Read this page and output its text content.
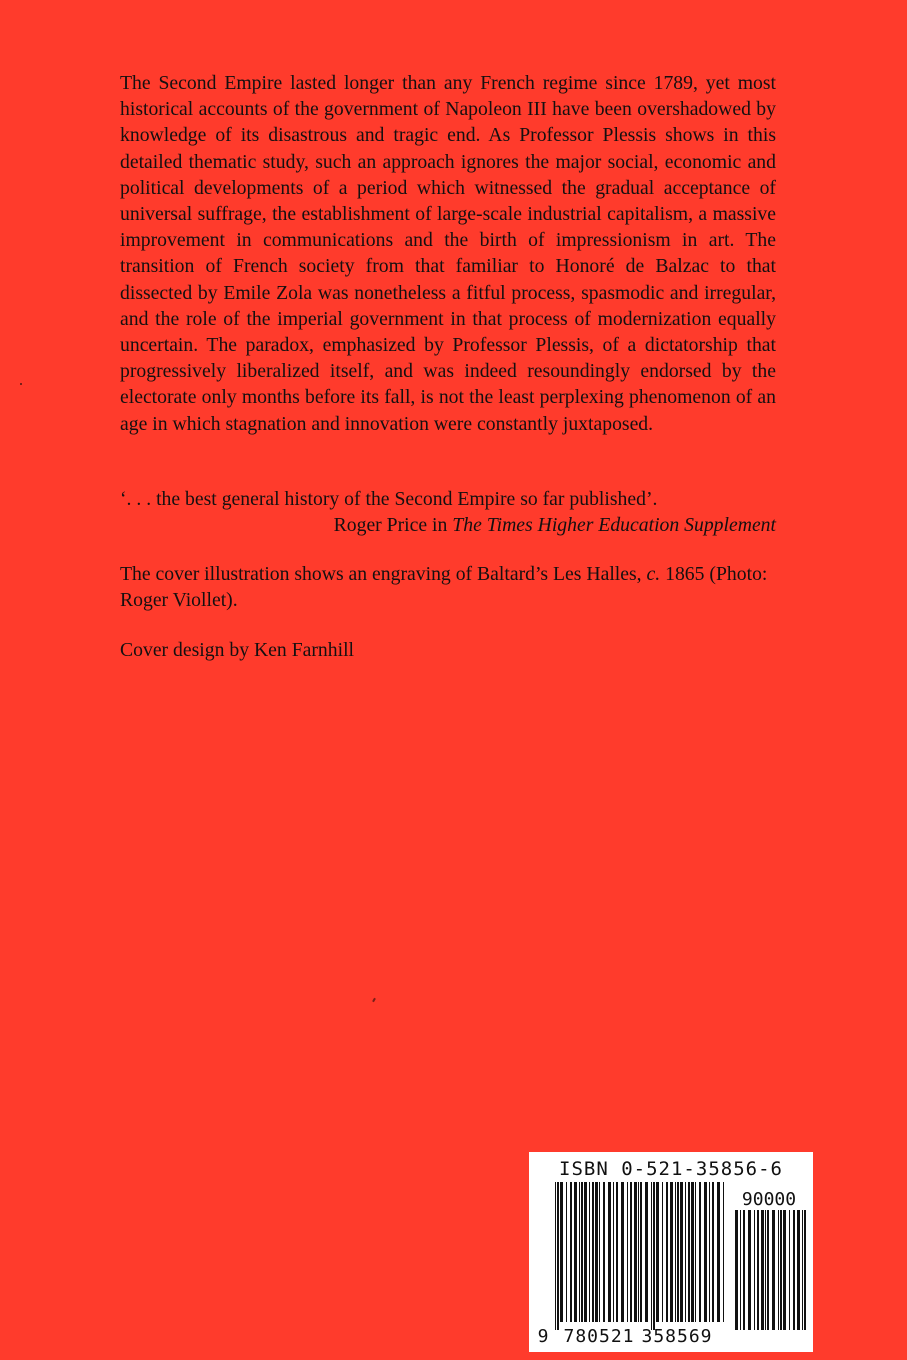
The Second Empire lasted longer than any French regime since 1789, yet most historical accounts of the government of Napoleon III have been overshadowed by knowledge of its disastrous and tragic end. As Professor Plessis shows in this detailed thematic study, such an approach ignores the major social, economic and political developments of a period which witnessed the gradual acceptance of universal suffrage, the establishment of large-scale industrial capitalism, a massive improvement in communications and the birth of impressionism in art. The transition of French society from that familiar to Honoré de Balzac to that dissected by Emile Zola was nonetheless a fitful process, spasmodic and irregular, and the role of the imperial government in that process of modernization equally uncertain. The paradox, emphasized by Professor Plessis, of a dictatorship that progressively liberalized itself, and was indeed resoundingly endorsed by the electorate only months before its fall, is not the least perplexing phenomenon of an age in which stagnation and innovation were constantly juxtaposed.

‘. . . the best general history of the Second Empire so far published’.

Roger Price in The Times Higher Education Supplement

The cover illustration shows an engraving of Baltard’s Les Halles, c. 1865 (Photo: Roger Viollet).

Cover design by Ken Farnhill

ISBN 0-521-35856-6
90000
9 780521 358569
